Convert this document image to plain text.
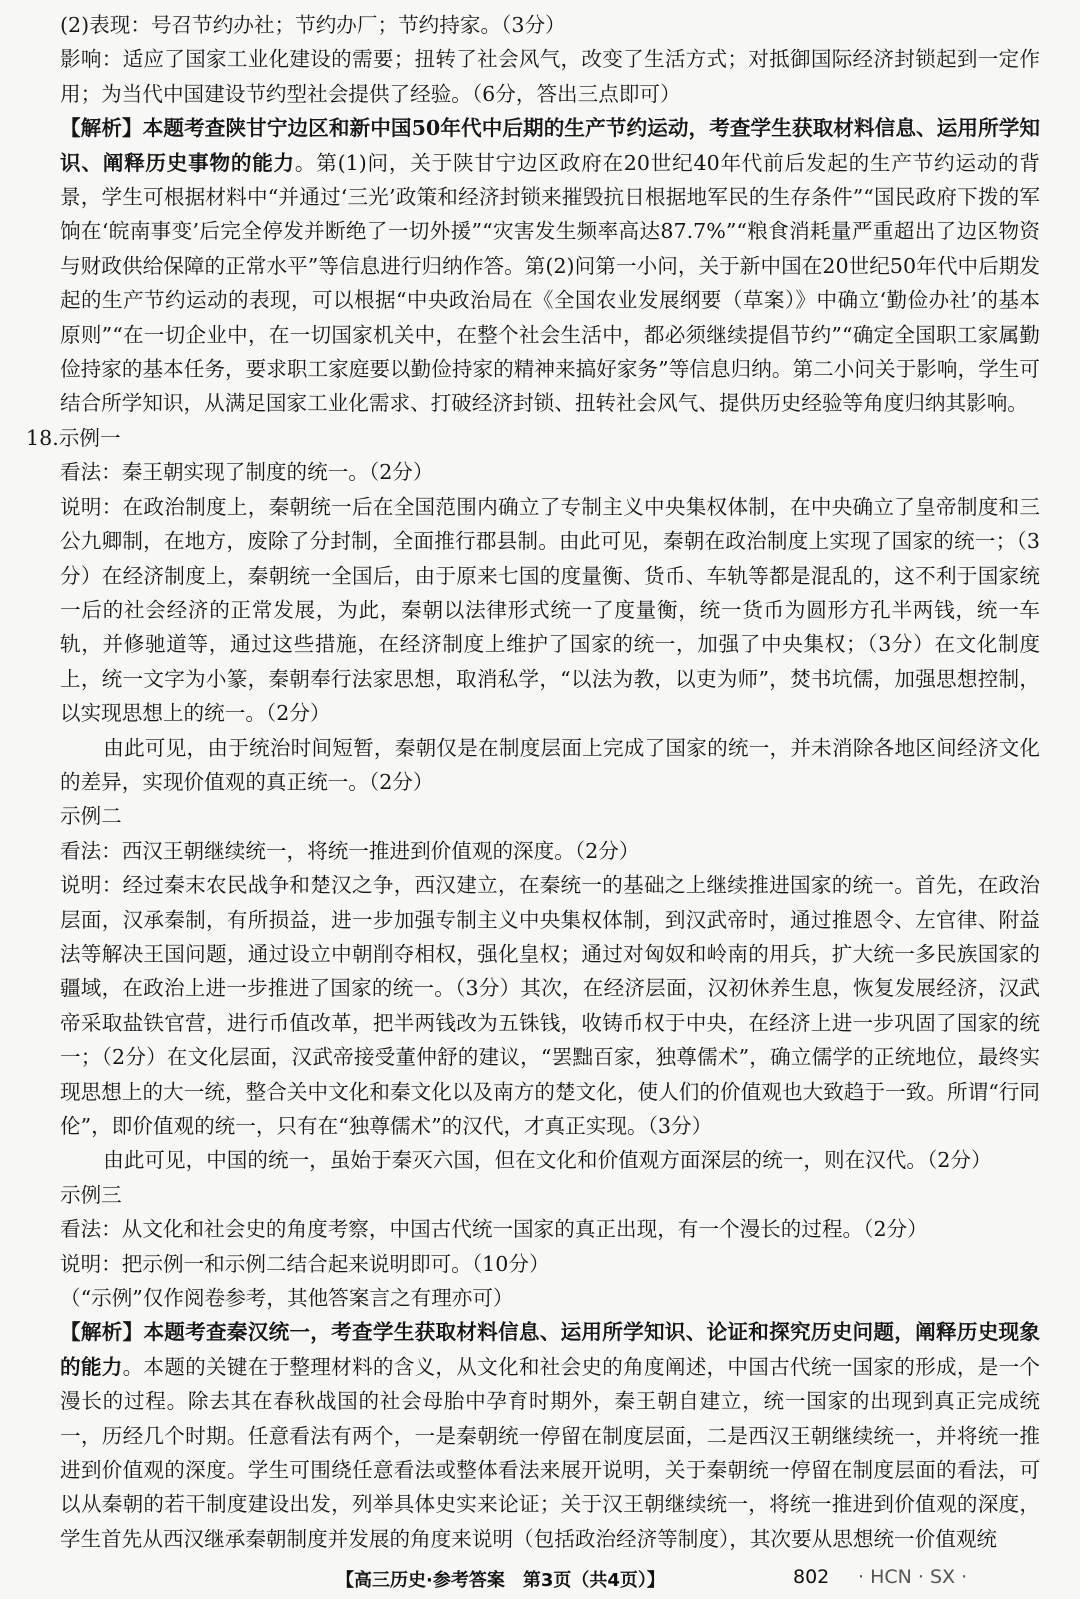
(2)表现：号召节约办社；节约办厂；节约持家。（3分）

影响：适应了国家工业化建设的需要；扭转了社会风气，改变了生活方式；对抵御国际经济封锁起到一定作用；为当代中国建设节约型社会提供了经验。（6分，答出三点即可）

【解析】本题考查陕甘宁边区和新中国50年代中后期的生产节约运动，考查学生获取材料信息、运用所学知识、阐释历史事物的能力。第(1)问，关于陕甘宁边区政府在20世纪40年代前后发起的生产节约运动的背景，学生可根据材料中“并通过‘三光’政策和经济封锁来摧毁抗日根据地军民的生存条件”“国民政府下拨的军饷在‘皖南事变’后完全停发并断绝了一切外援”“灾害发生频率高达87.7%”“粮食消耗量严重超出了边区物资与财政供给保障的正常水平”等信息进行归纳作答。第(2)问第一小问，关于新中国在20世纪50年代中后期发起的生产节约运动的表现，可以根据“中央政治局在《全国农业发展纲要（草案）》中确立‘勤俭办社’的基本原则”“在一切企业中，在一切国家机关中，在整个社会生活中，都必须继续提倡节约”“确定全国职工家属勤俭持家的基本任务，要求职工家庭要以勤俭持家的精神来搞好家务”等信息归纳。第二小问关于影响，学生可结合所学知识，从满足国家工业化需求、打破经济封锁、扭转社会风气、提供历史经验等角度归纳其影响。

18.示例一

看法：秦王朝实现了制度的统一。（2分）

说明：在政治制度上，秦朝统一后在全国范围内确立了专制主义中央集权体制，在中央确立了皇帝制度和三公九卿制，在地方，废除了分封制，全面推行郡县制。由此可见，秦朝在政治制度上实现了国家的统一；（3分）在经济制度上，秦朝统一全国后，由于原来七国的度量衡、货币、车轨等都是混乱的，这不利于国家统一后的社会经济的正常发展，为此，秦朝以法律形式统一了度量衡，统一货币为圆形方孔半两钱，统一车轨，并修驰道等，通过这些措施，在经济制度上维护了国家的统一，加强了中央集权；（3分）在文化制度上，统一文字为小篆，秦朝奉行法家思想，取消私学，“以法为教，以吏为师”，焚书坑儒，加强思想控制，以实现思想上的统一。（2分）

由此可见，由于统治时间短暂，秦朝仅是在制度层面上完成了国家的统一，并未消除各地区间经济文化的差异，实现价值观的真正统一。（2分）

示例二

看法：西汉王朝继续统一，将统一推进到价值观的深度。（2分）

说明：经过秦末农民战争和楚汉之争，西汉建立，在秦统一的基础之上继续推进国家的统一。首先，在政治层面，汉承秦制，有所损益，进一步加强专制主义中央集权体制，到汉武帝时，通过推恩令、左官律、附益法等解决王国问题，通过设立中朝削夺相权，强化皇权；通过对匈奴和岭南的用兵，扩大统一多民族国家的疆域，在政治上进一步推进了国家的统一。（3分）其次，在经济层面，汉初休养生息，恢复发展经济，汉武帝采取盐铁官营，进行币值改革，把半两钱改为五铢钱，收铸币权于中央，在经济上进一步巩固了国家的统一；（2分）在文化层面，汉武帝接受董仲舒的建议，“罢黜百家，独尊儒术”，确立儒学的正统地位，最终实现思想上的大一统，整合关中文化和秦文化以及南方的楚文化，使人们的价值观也大致趋于一致。所谓“行同伦”，即价值观的统一，只有在“独尊儒术”的汉代，才真正实现。（3分）

由此可见，中国的统一，虽始于秦灭六国，但在文化和价值观方面深层的统一，则在汉代。（2分）

示例三

看法：从文化和社会史的角度考察，中国古代统一国家的真正出现，有一个漫长的过程。（2分）

说明：把示例一和示例二结合起来说明即可。（10分）

（“示例”仅作阅卷参考，其他答案言之有理亦可）

【解析】本题考查秦汉统一，考查学生获取材料信息、运用所学知识、论证和探究历史问题，阐释历史现象的能力。本题的关键在于整理材料的含义，从文化和社会史的角度阐述，中国古代统一国家的形成，是一个漫长的过程。除去其在春秋战国的社会母胎中孕育时期外，秦王朝自建立，统一国家的出现到真正完成统一，历经几个时期。任意看法有两个，一是秦朝统一停留在制度层面，二是西汉王朝继续统一，并将统一推进到价值观的深度。学生可围绕任意看法或整体看法来展开说明，关于秦朝统一停留在制度层面的看法，可以从秦朝的若干制度建设出发，列举具体史实来论证；关于汉王朝继续统一，将统一推进到价值观的深度，学生首先从西汉继承秦朝制度并发展的角度来说明（包括政治经济等制度），其次要从思想统一价值观统

【高三历史·参考答案　第3页（共4页）】	802 · HCN · SX ·
